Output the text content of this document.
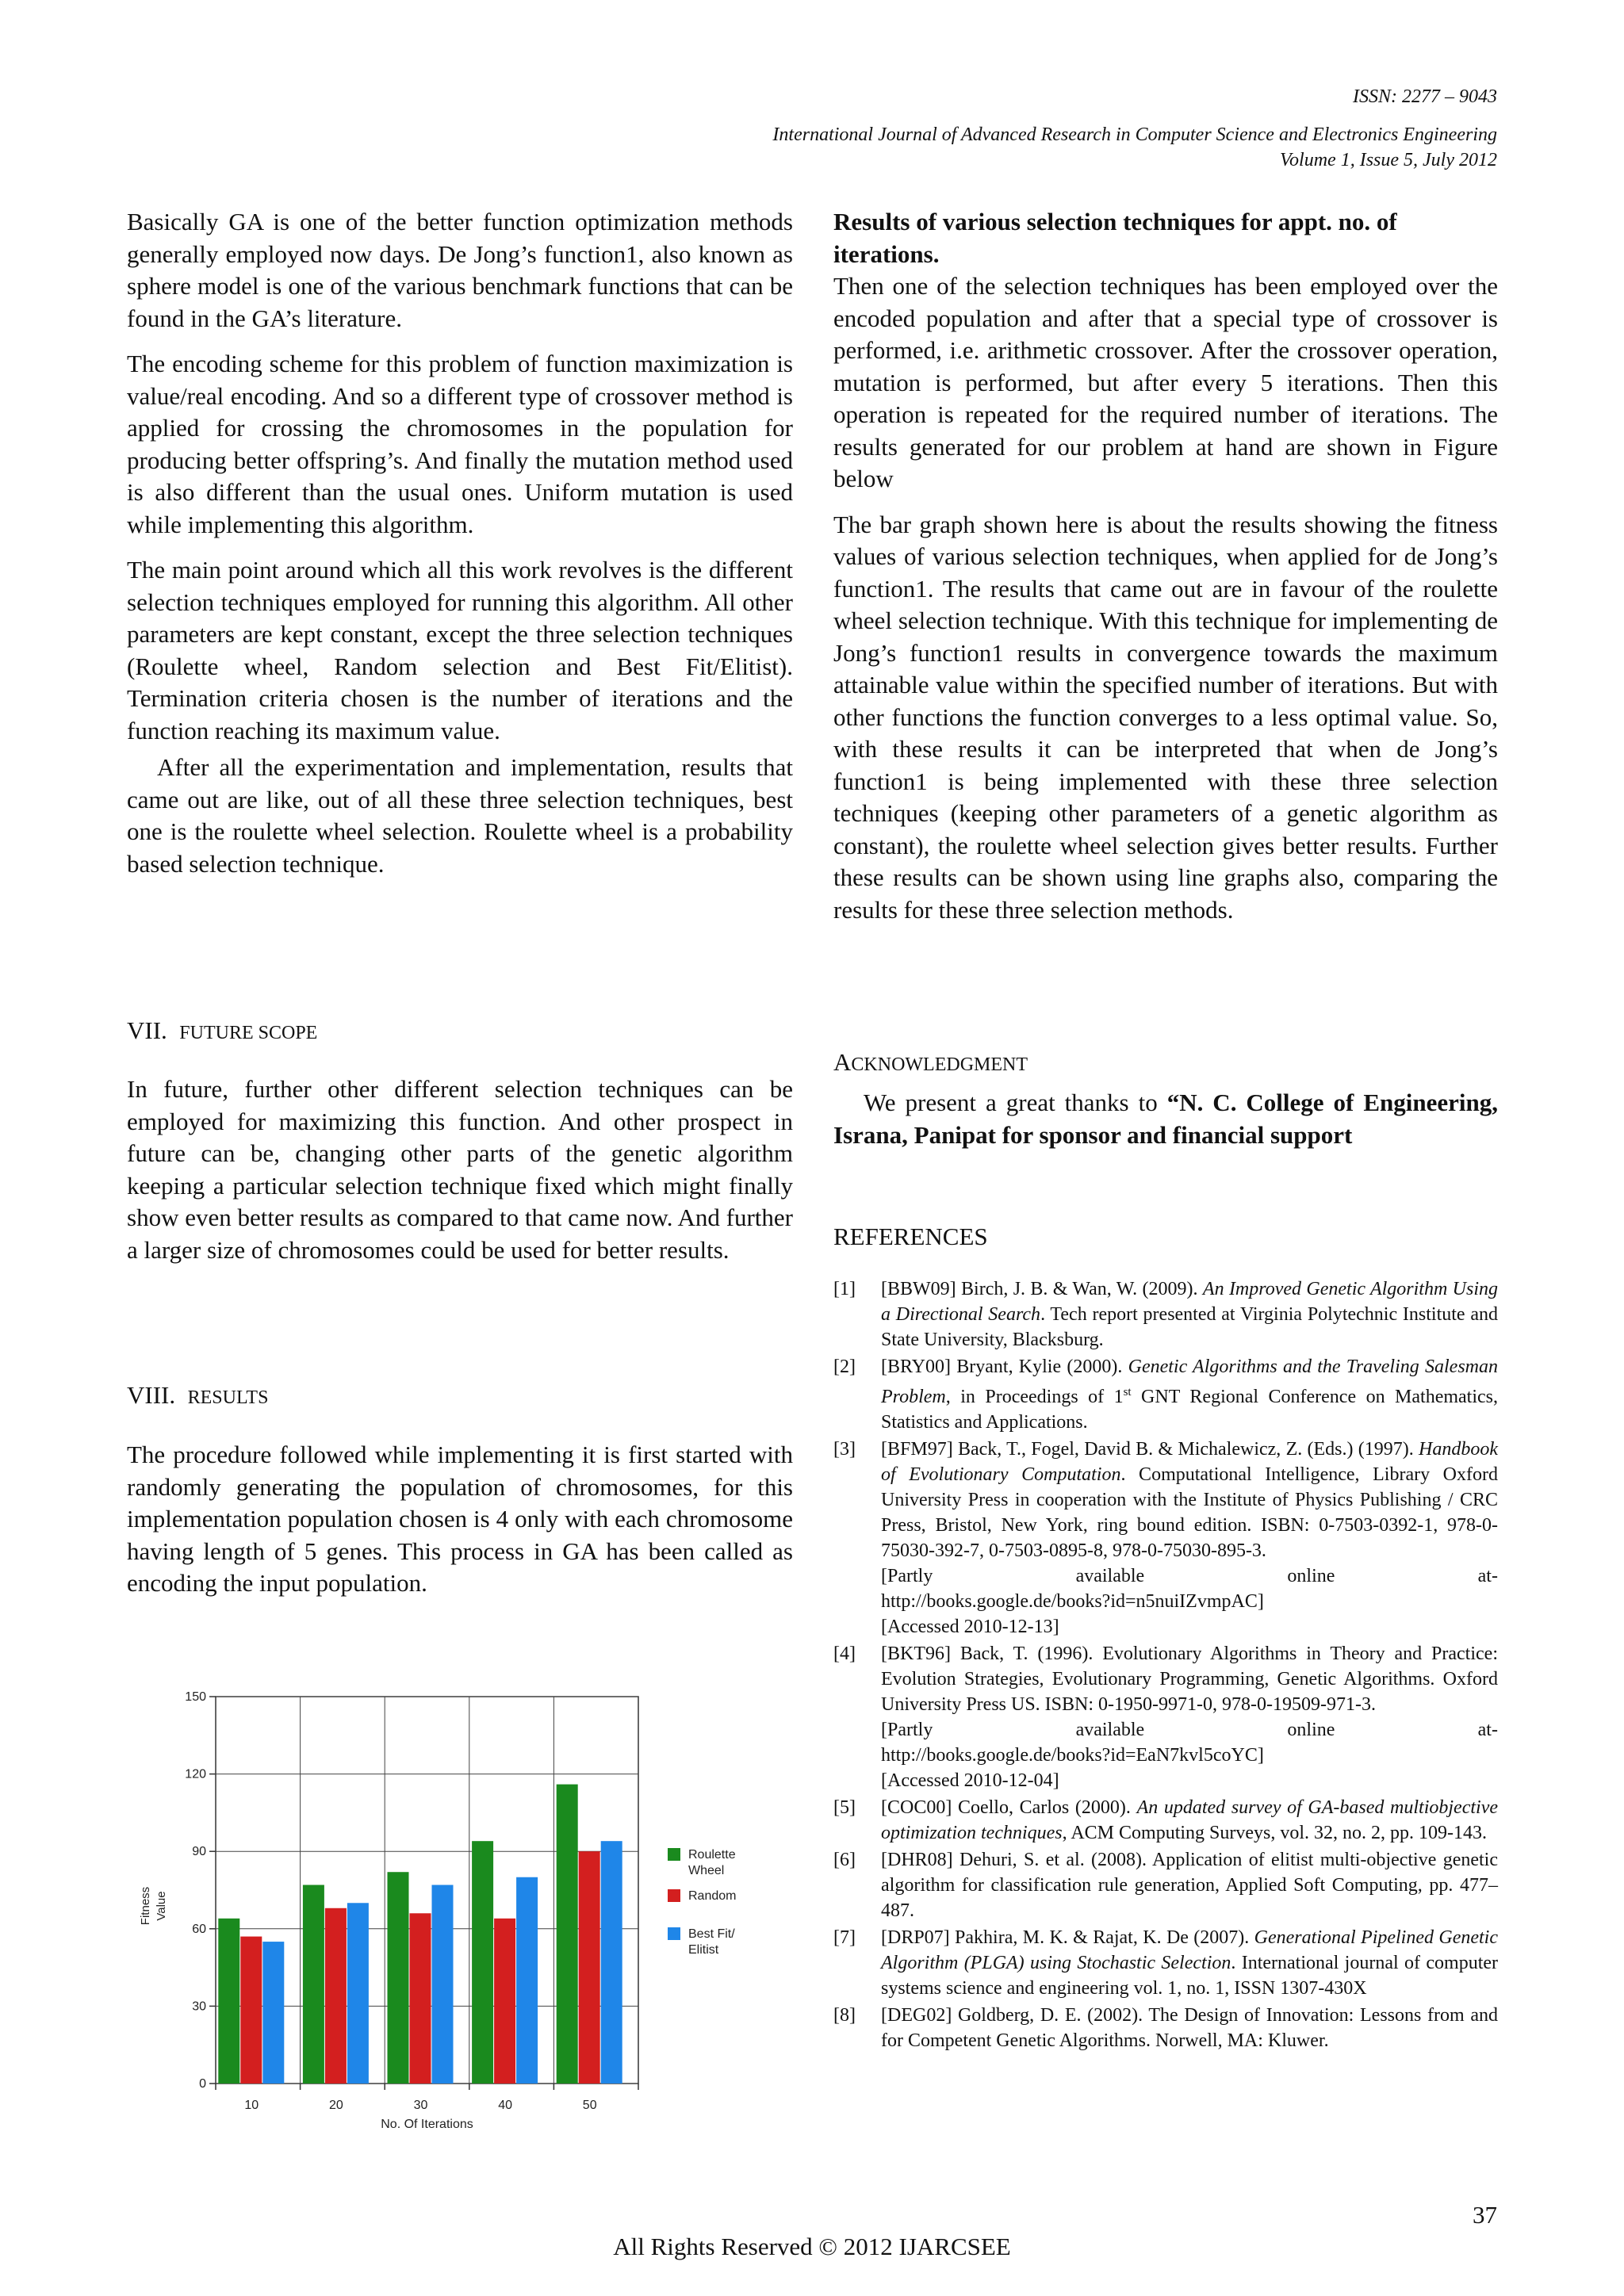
ISSN: 2277 – 9043
International Journal of Advanced Research in Computer Science and Electronics Engineering
Volume 1, Issue 5, July 2012

Basically GA is one of the better function optimization methods generally employed now days. De Jong’s function1, also known as sphere model is one of the various benchmark functions that can be found in the GA’s literature.

The encoding scheme for this problem of function maximization is value/real encoding. And so a different type of crossover method is applied for crossing the chromosomes in the population for producing better offspring’s. And finally the mutation method used is also different than the usual ones. Uniform mutation is used while implementing this algorithm.

The main point around which all this work revolves is the different selection techniques employed for running this algorithm. All other parameters are kept constant, except the three selection techniques (Roulette wheel, Random selection and Best Fit/Elitist). Termination criteria chosen is the number of iterations and the function reaching its maximum value.

After all the experimentation and implementation, results that came out are like, out of all these three selection techniques, best one is the roulette wheel selection. Roulette wheel is a probability based selection technique.

VII. FUTURE SCOPE

In future, further other different selection techniques can be employed for maximizing this function. And other prospect in future can be, changing other parts of the genetic algorithm keeping a particular selection technique fixed which might finally show even better results as compared to that came now. And further a larger size of chromosomes could be used for better results.

VIII. RESULTS

The procedure followed while implementing it is first started with randomly generating the population of chromosomes, for this implementation population chosen is 4 only with each chromosome having length of 5 genes. This process in GA has been called as encoding the input population.

0
30
60
90
120
150
10	20	30	40	50
No. Of Iterations
Fitness Value
Roulette
Wheel
Random
Best Fit/
Elitist

Results of various selection techniques for appt. no. of iterations.

Then one of the selection techniques has been employed over the encoded population and after that a special type of crossover is performed, i.e. arithmetic crossover. After the crossover operation, mutation is performed, but after every 5 iterations. Then this operation is repeated for the required number of iterations. The results generated for our problem at hand are shown in Figure below

The bar graph shown here is about the results showing the fitness values of various selection techniques, when applied for de Jong’s function1. The results that came out are in favour of the roulette wheel selection technique. With this technique for implementing de Jong’s function1 results in convergence towards the maximum attainable value within the specified number of iterations. But with other functions the function converges to a less optimal value. So, with these results it can be interpreted that when de Jong’s function1 is being implemented with these three selection techniques (keeping other parameters of a genetic algorithm as constant), the roulette wheel selection gives better results. Further these results can be shown using line graphs also, comparing the results for these three selection methods.

ACKNOWLEDGMENT

We present a great thanks to “N. C. College of Engineering, Israna, Panipat for sponsor and financial support

REFERENCES

[1] [BBW09] Birch, J. B. & Wan, W. (2009). An Improved Genetic Algorithm Using a Directional Search. Tech report presented at Virginia Polytechnic Institute and State University, Blacksburg.
[2] [BRY00] Bryant, Kylie (2000). Genetic Algorithms and the Traveling Salesman Problem, in Proceedings of 1st GNT Regional Conference on Mathematics, Statistics and Applications.
[3] [BFM97] Back, T., Fogel, David B. & Michalewicz, Z. (Eds.) (1997). Handbook of Evolutionary Computation. Computational Intelligence, Library Oxford University Press in cooperation with the Institute of Physics Publishing / CRC Press, Bristol, New York, ring bound edition. ISBN: 0-7503-0392-1, 978-0-75030-392-7, 0-7503-0895-8, 978-0-75030-895-3.
[Partly	available	online	at-
http://books.google.de/books?id=n5nuiIZvmpAC]
[Accessed 2010-12-13]
[4] [BKT96] Back, T. (1996). Evolutionary Algorithms in Theory and Practice: Evolution Strategies, Evolutionary Programming, Genetic Algorithms. Oxford University Press US. ISBN: 0-1950-9971-0, 978-0-19509-971-3.
[Partly	available	online	at-
http://books.google.de/books?id=EaN7kvl5coYC]
[Accessed 2010-12-04]
[5] [COC00] Coello, Carlos (2000). An updated survey of GA-based multiobjective optimization techniques, ACM Computing Surveys, vol. 32, no. 2, pp. 109-143.
[6] [DHR08] Dehuri, S. et al. (2008). Application of elitist multi-objective genetic algorithm for classification rule generation, Applied Soft Computing, pp. 477–487.
[7] [DRP07] Pakhira, M. K. & Rajat, K. De (2007). Generational Pipelined Genetic Algorithm (PLGA) using Stochastic Selection. International journal of computer systems science and engineering vol. 1, no. 1, ISSN 1307-430X
[8] [DEG02] Goldberg, D. E. (2002). The Design of Innovation: Lessons from and for Competent Genetic Algorithms. Norwell, MA: Kluwer.
37
All Rights Reserved © 2012 IJARCSEE
